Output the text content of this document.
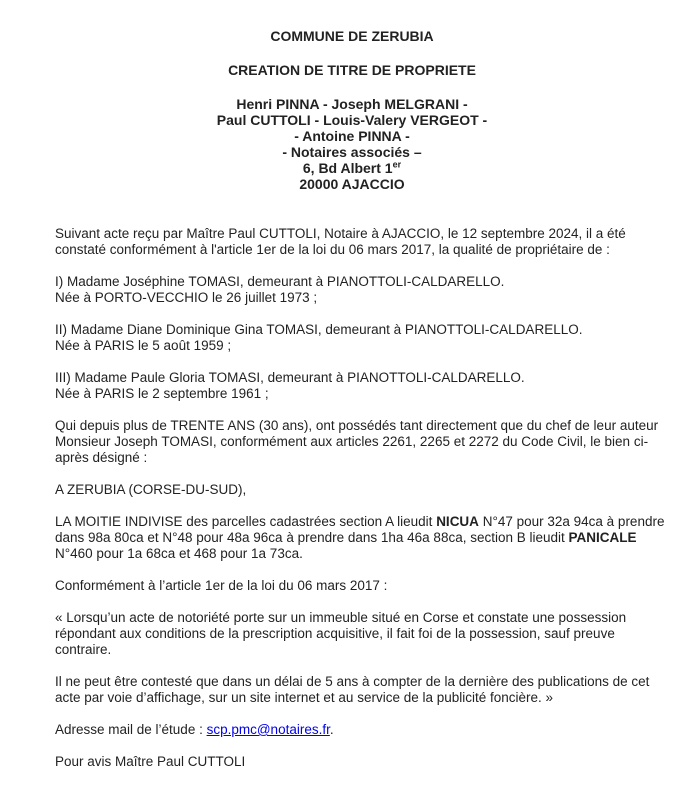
COMMUNE DE ZERUBIA
CREATION DE TITRE DE PROPRIETE
Henri PINNA - Joseph MELGRANI -
Paul CUTTOLI - Louis-Valery VERGEOT -
- Antoine PINNA -
- Notaires associés –
6, Bd Albert 1er
20000 AJACCIO
Suivant acte reçu par Maître Paul CUTTOLI, Notaire à AJACCIO, le 12 septembre 2024, il a été
constaté conformément à l'article 1er de la loi du 06 mars 2017, la qualité de propriétaire de :
I) Madame Joséphine TOMASI, demeurant à PIANOTTOLI-CALDARELLO.
Née à PORTO-VECCHIO le 26 juillet 1973 ;
II) Madame Diane Dominique Gina TOMASI, demeurant à PIANOTTOLI-CALDARELLO.
Née à PARIS le 5 août 1959 ;
III) Madame Paule Gloria TOMASI, demeurant à PIANOTTOLI-CALDARELLO.
Née à PARIS le 2 septembre 1961 ;
Qui depuis plus de TRENTE ANS (30 ans), ont possédés tant directement que du chef de leur auteur
Monsieur Joseph TOMASI, conformément aux articles 2261, 2265 et 2272 du Code Civil, le bien ci-
après désigné :
A ZERUBIA (CORSE-DU-SUD),
LA MOITIE INDIVISE des parcelles cadastrées section A lieudit NICUA N°47 pour 32a 94ca à prendre
dans 98a 80ca et N°48 pour 48a 96ca à prendre dans 1ha 46a 88ca, section B lieudit PANICALE
N°460 pour 1a 68ca et 468 pour 1a 73ca.
Conformément à l’article 1er de la loi du 06 mars 2017 :
« Lorsqu’un acte de notoriété porte sur un immeuble situé en Corse et constate une possession
répondant aux conditions de la prescription acquisitive, il fait foi de la possession, sauf preuve
contraire.
Il ne peut être contesté que dans un délai de 5 ans à compter de la dernière des publications de cet
acte par voie d’affichage, sur un site internet et au service de la publicité foncière. »
Adresse mail de l’étude : scp.pmc@notaires.fr.
Pour avis Maître Paul CUTTOLI
